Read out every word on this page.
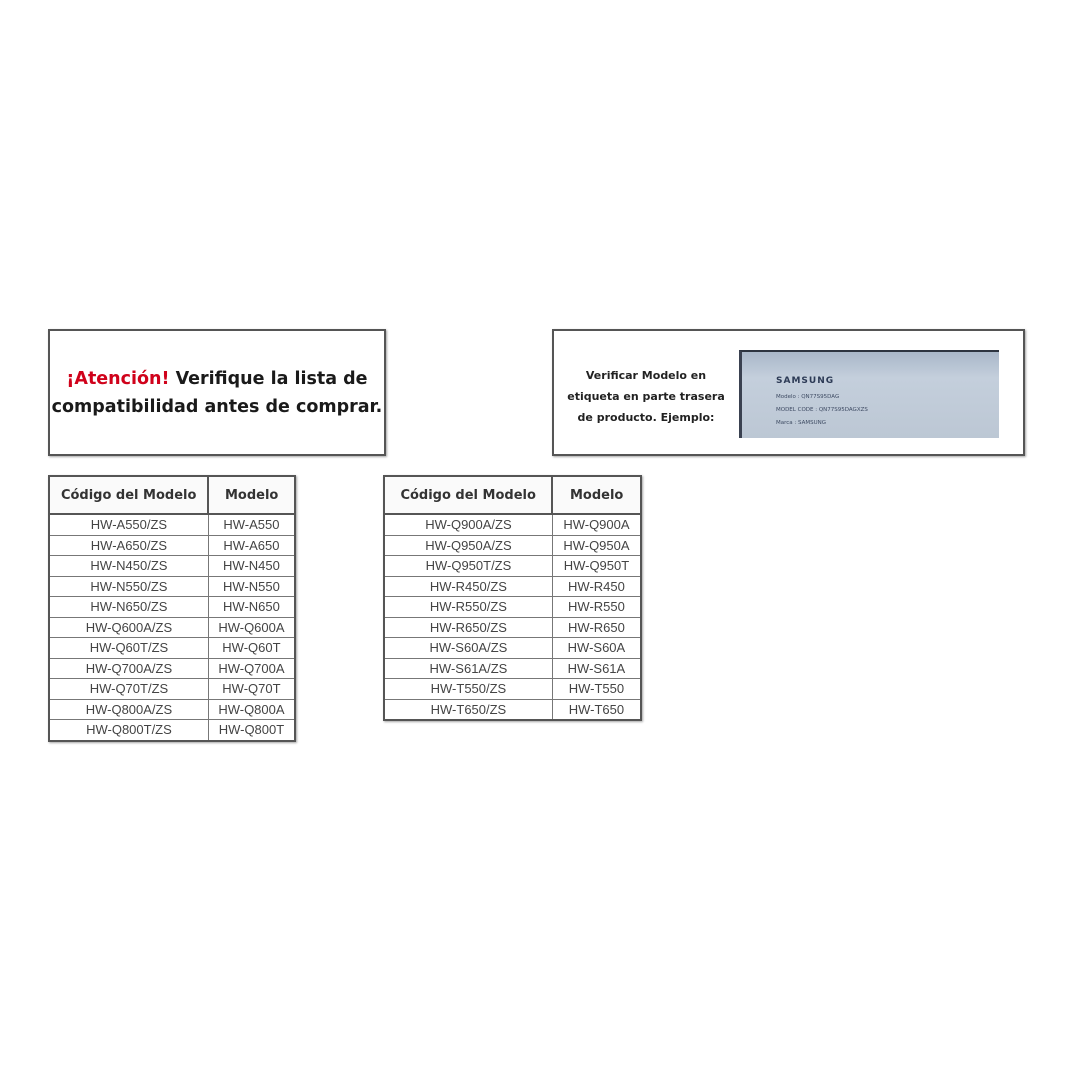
¡Atención! Verifique la lista de
compatibilidad antes de comprar.
Verificar Modelo en
etiqueta en parte trasera
de producto. Ejemplo:
SAMSUNG
Modelo : QN77S95DAG
MODEL CODE : QN77S95DAGXZS
Marca : SAMSUNG
Código del Modelo	Modelo
HW-A550/ZS	HW-A550
HW-A650/ZS	HW-A650
HW-N450/ZS	HW-N450
HW-N550/ZS	HW-N550
HW-N650/ZS	HW-N650
HW-Q600A/ZS	HW-Q600A
HW-Q60T/ZS	HW-Q60T
HW-Q700A/ZS	HW-Q700A
HW-Q70T/ZS	HW-Q70T
HW-Q800A/ZS	HW-Q800A
HW-Q800T/ZS	HW-Q800T
Código del Modelo	Modelo
HW-Q900A/ZS	HW-Q900A
HW-Q950A/ZS	HW-Q950A
HW-Q950T/ZS	HW-Q950T
HW-R450/ZS	HW-R450
HW-R550/ZS	HW-R550
HW-R650/ZS	HW-R650
HW-S60A/ZS	HW-S60A
HW-S61A/ZS	HW-S61A
HW-T550/ZS	HW-T550
HW-T650/ZS	HW-T650
